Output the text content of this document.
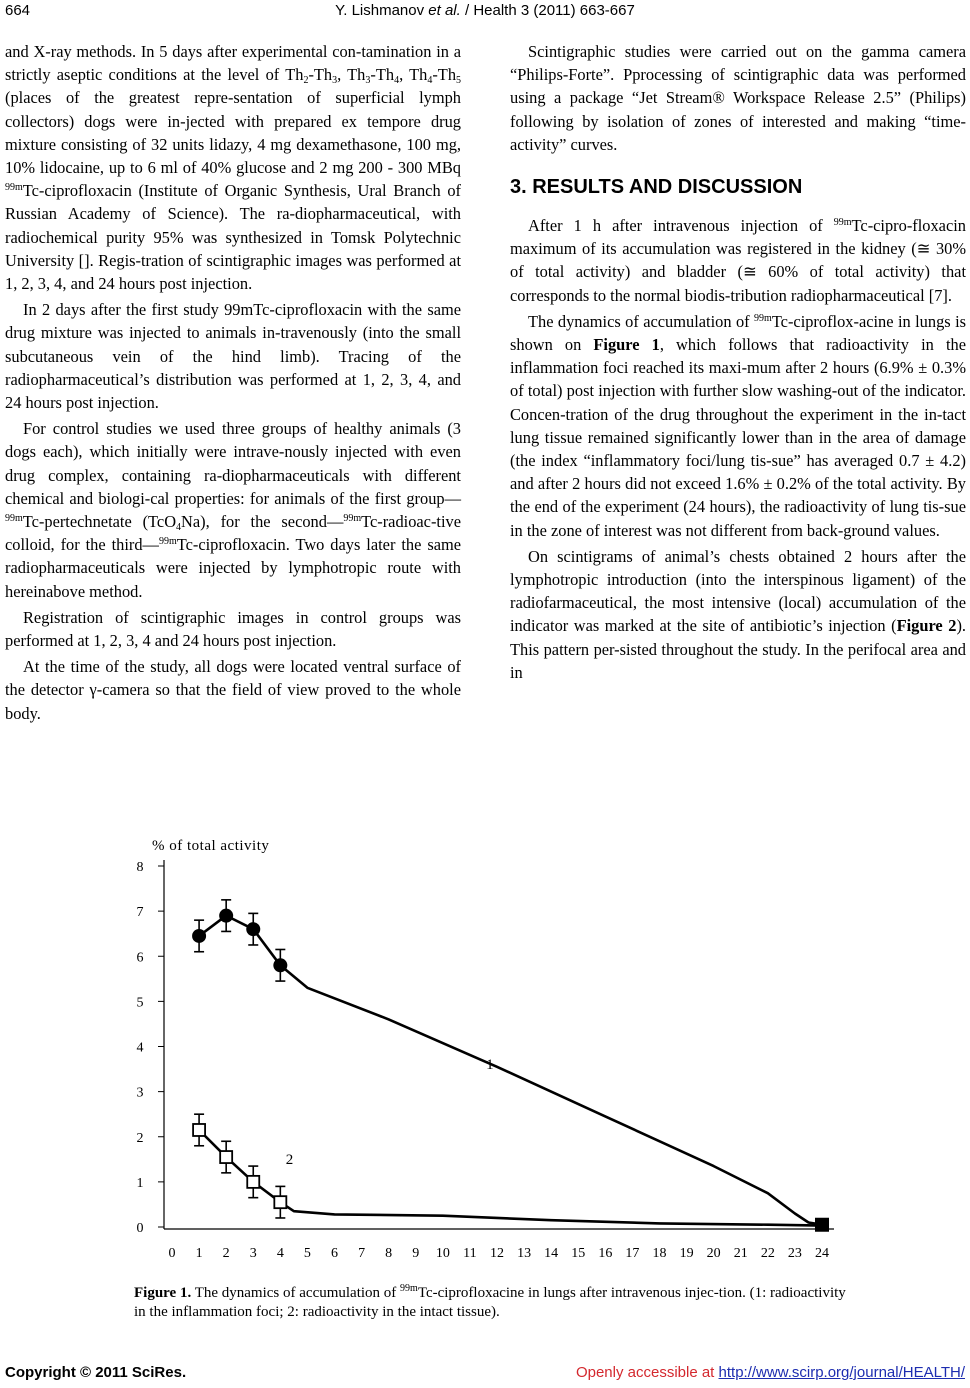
664	Y. Lishmanov et al. / Health 3 (2011) 663-667

and X-ray methods. In 5 days after experimental con-tamination in a strictly aseptic conditions at the level of $Th_2-Th_3$, $Th_3-Th_4$, $Th_4-Th_5$ (places of the greatest repre-sentation of superficial lymph collectors) dogs were in-jected with prepared ex tempore drug mixture consisting of 32 units lidazy, 4 mg dexamethasone, 100 mg, 10% lidocaine, up to 6 ml of 40% glucose and 2 mg 200 - 300 MBq $^{99m}$Tc-ciprofloxacin (Institute of Organic Synthesis, Ural Branch of Russian Academy of Science). The ra-diopharmaceutical, with radiochemical purity 95% was synthesized in Tomsk Polytechnic University []. Regis-tration of scintigraphic images was performed at 1, 2, 3, 4, and 24 hours post injection.

In 2 days after the first study 99mTc-ciprofloxacin with the same drug mixture was injected to animals in-travenously (into the small subcutaneous vein of the hind limb). Tracing of the radiopharmaceutical’s distribution was performed at 1, 2, 3, 4, and 24 hours post injection.

For control studies we used three groups of healthy animals (3 dogs each), which initially were intrave-nously injected with even drug complex, containing ra-diopharmaceuticals with different chemical and biologi-cal properties: for animals of the first group—$^{99m}$Tc-pertechnetate (TcO$_4$Na), for the second—$^{99m}$Tc-radioac-tive colloid, for the third—$^{99m}$Tc-ciprofloxacin. Two days later the same radiopharmaceuticals were injected by lymphotropic route with hereinabove method.

Registration of scintigraphic images in control groups was performed at 1, 2, 3, 4 and 24 hours post injection.

At the time of the study, all dogs were located ventral surface of the detector γ-camera so that the field of view proved to the whole body.

Scintigraphic studies were carried out on the gamma camera “Philips-Forte”. Pprocessing of scintigraphic data was performed using a package “Jet Stream® Workspace Release 2.5” (Philips) following by isolation of zones of interested and making “time-activity” curves.

3. RESULTS AND DISCUSSION

After 1 h after intravenous injection of $^{99m}$Tc-cipro-floxacin maximum of its accumulation was registered in the kidney (≅ 30% of total activity) and bladder (≅ 60% of total activity) that corresponds to the normal biodis-tribution radiopharmaceutical [7].

The dynamics of accumulation of $^{99m}$Tc-ciproflox-acine in lungs is shown on Figure 1, which follows that radioactivity in the inflammation foci reached its maxi-mum after 2 hours (6.9% ± 0.3% of total) post injection with further slow washing-out of the indicator. Concen-tration of the drug throughout the experiment in the in-tact lung tissue remained significantly lower than in the area of damage (the index “inflammatory foci/lung tis-sue” has averaged 0.7 ± 4.2) and after 2 hours did not exceed 1.6% ± 0.2% of the total activity. By the end of the experiment (24 hours), the radioactivity of lung tis-sue in the zone of interest was not different from back-ground values.

On scintigrams of animal’s chests obtained 2 hours after the lymphotropic introduction (into the interspinous ligament) of the radiofarmaceutical, the most intensive (local) accumulation of the indicator was marked at the site of antibiotic’s injection (Figure 2). This pattern per-sisted throughout the study. In the perifocal area and in

% of total activity
0
1
2
3
4
5
6
7
8
0 1 2 3 4 5 6 7 8 9 10 11 12 13 14 15 16 17 18 19 20 21 22 23 24
1
2
Figure 1. The dynamics of accumulation of $^{99m}$Tc-ciprofloxacine in lungs after intravenous injec-tion. (1: radioactivity in the inflammation foci; 2: radioactivity in the intact tissue).
Copyright © 2011 SciRes.	Openly accessible at http://www.scirp.org/journal/HEALTH/
